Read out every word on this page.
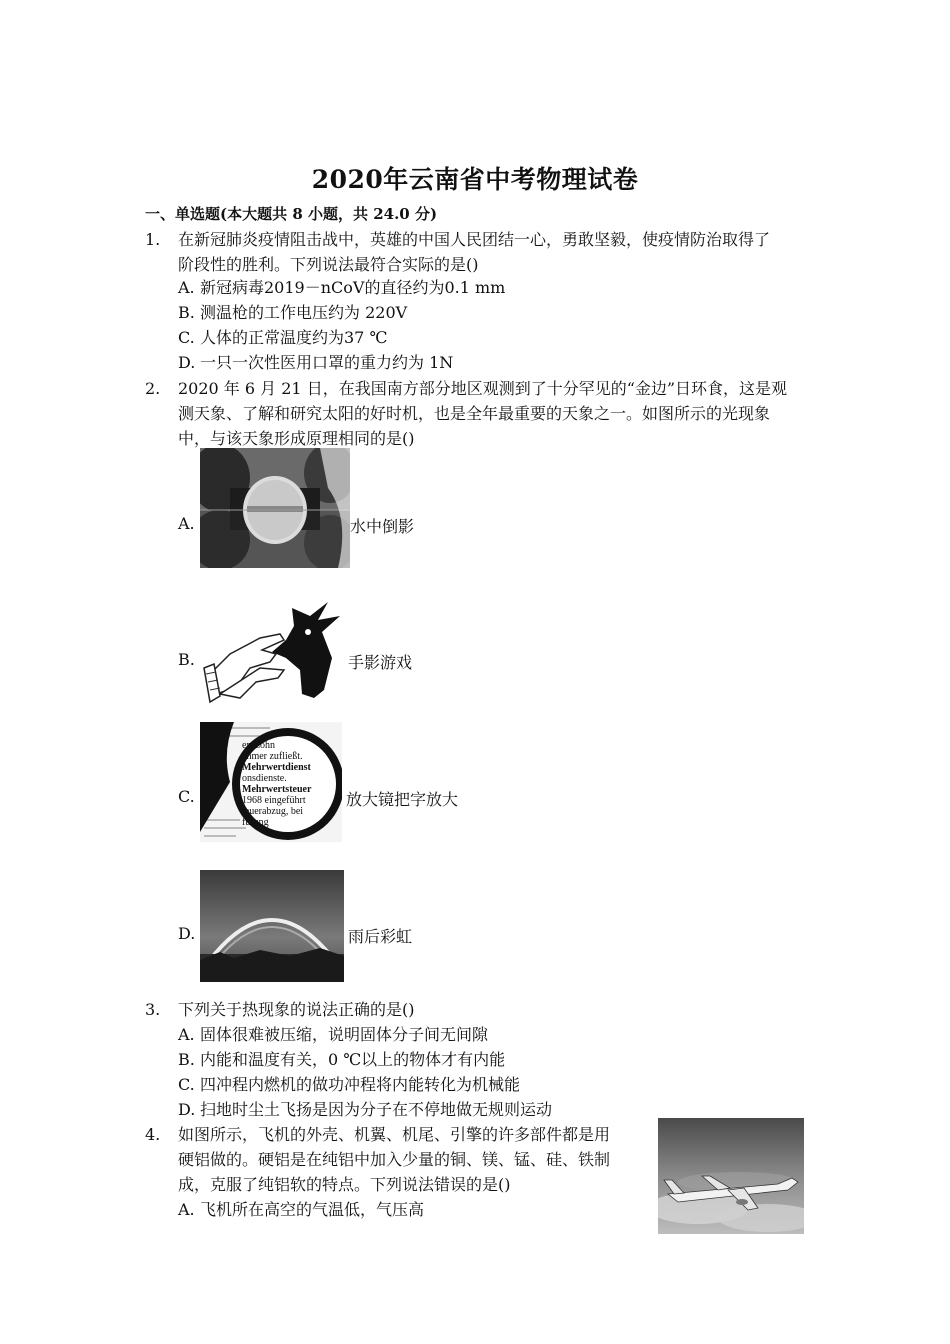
2020年云南省中考物理试卷
一、单选题(本大题共 8 小题，共 24.0 分)
1.	在新冠肺炎疫情阻击战中，英雄的中国人民团结一心，勇敢坚毅，使疫情防治取得了
阶段性的胜利。下列说法最符合实际的是()
A. 新冠病毒2019－nCoV的直径约为0.1 mm
B. 测温枪的工作电压约为 220V
C. 人体的正常温度约为37 ℃
D. 一只一次性医用口罩的重力约为 1N
2.	2020 年 6 月 21 日，在我国南方部分地区观测到了十分罕见的“金边”日环食，这是观
测天象、了解和研究太阳的好时机，也是全年最重要的天象之一。如图所示的光现象
中，与该天象形成原理相同的是()
A.	水中倒影
B.	手影游戏
C.
en Lohn
ehmer zufließt.
Mehrwertdienst
onsdienste.
Mehrwertsteuer
1968 eingeführt
teuerabzug, bei
fufung
放大镜把字放大
D.	雨后彩虹
3.	下列关于热现象的说法正确的是()
A. 固体很难被压缩，说明固体分子间无间隙
B. 内能和温度有关，0 ℃以上的物体才有内能
C. 四冲程内燃机的做功冲程将内能转化为机械能
D. 扫地时尘土飞扬是因为分子在不停地做无规则运动
4.	如图所示，飞机的外壳、机翼、机尾、引擎的许多部件都是用
硬铝做的。硬铝是在纯铝中加入少量的铜、镁、锰、硅、铁制
成，克服了纯铝软的特点。下列说法错误的是()
A. 飞机所在高空的气温低，气压高
